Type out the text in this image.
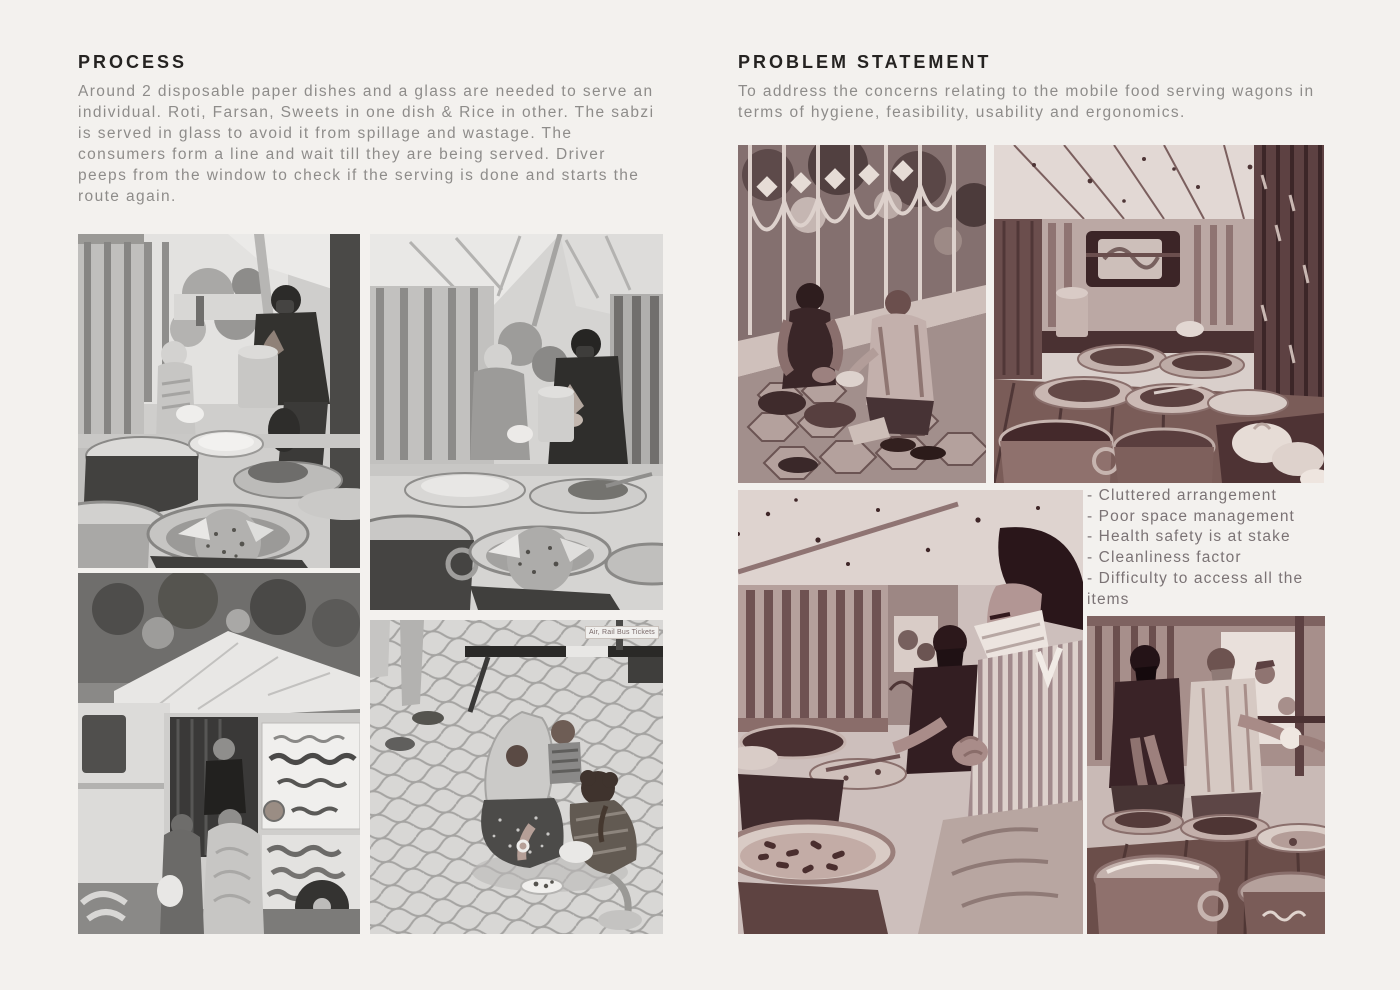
PROCESS

Around 2 disposable paper dishes and a glass are needed to serve an individual. Roti, Farsan, Sweets in one dish & Rice in other. The sabzi is served in glass to avoid it from spillage and wastage. The consumers form a line and wait till they are being served. Driver peeps from the window to check if the serving is done and starts the route again.

PROBLEM STATEMENT

To address the concerns relating to the mobile food serving wagons in terms of hygiene, feasibility, usability and ergonomics.

- Cluttered arrangement
- Poor space management
- Health safety is at stake
- Cleanliness factor
- Difficulty to access all the items
Air, Rail Bus Tickets
